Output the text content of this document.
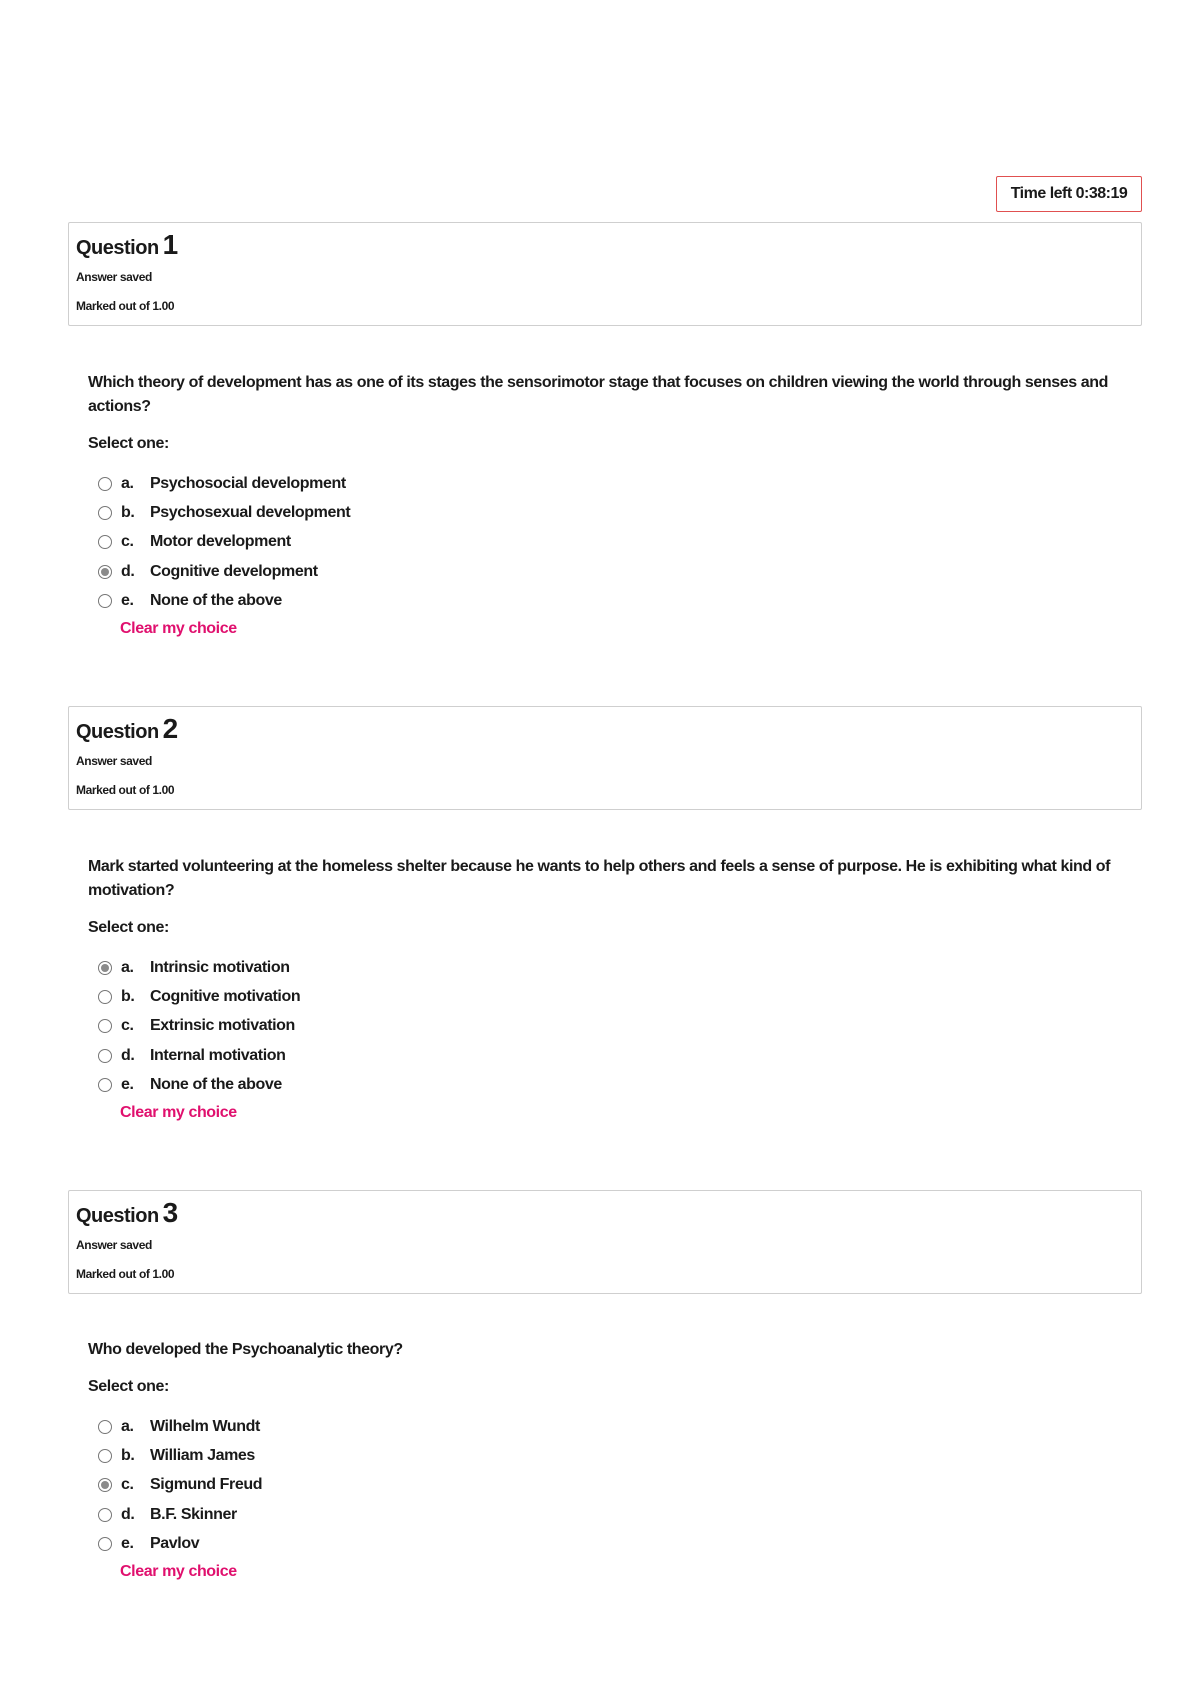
Time left 0:38:19
Question 1
Answer saved
Marked out of 1.00
Which theory of development has as one of its stages the sensorimotor stage that focuses on children viewing the world through senses and actions?
Select one:
a.	Psychosocial development
b. Psychosexual development
c.	Motor development
d. Cognitive development
e.	None of the above
Clear my choice
Question 2
Answer saved
Marked out of 1.00
Mark started volunteering at the homeless shelter because he wants to help others and feels a sense of purpose. He is exhibiting what kind of motivation?
Select one:
a.	Intrinsic motivation
b. Cognitive motivation
c.	Extrinsic motivation
d. Internal motivation
e.	None of the above
Clear my choice
Question 3
Answer saved
Marked out of 1.00
Who developed the Psychoanalytic theory?
Select one:
a.	Wilhelm Wundt
b. William James
c.	Sigmund Freud
d. B.F. Skinner
e.	Pavlov
Clear my choice
